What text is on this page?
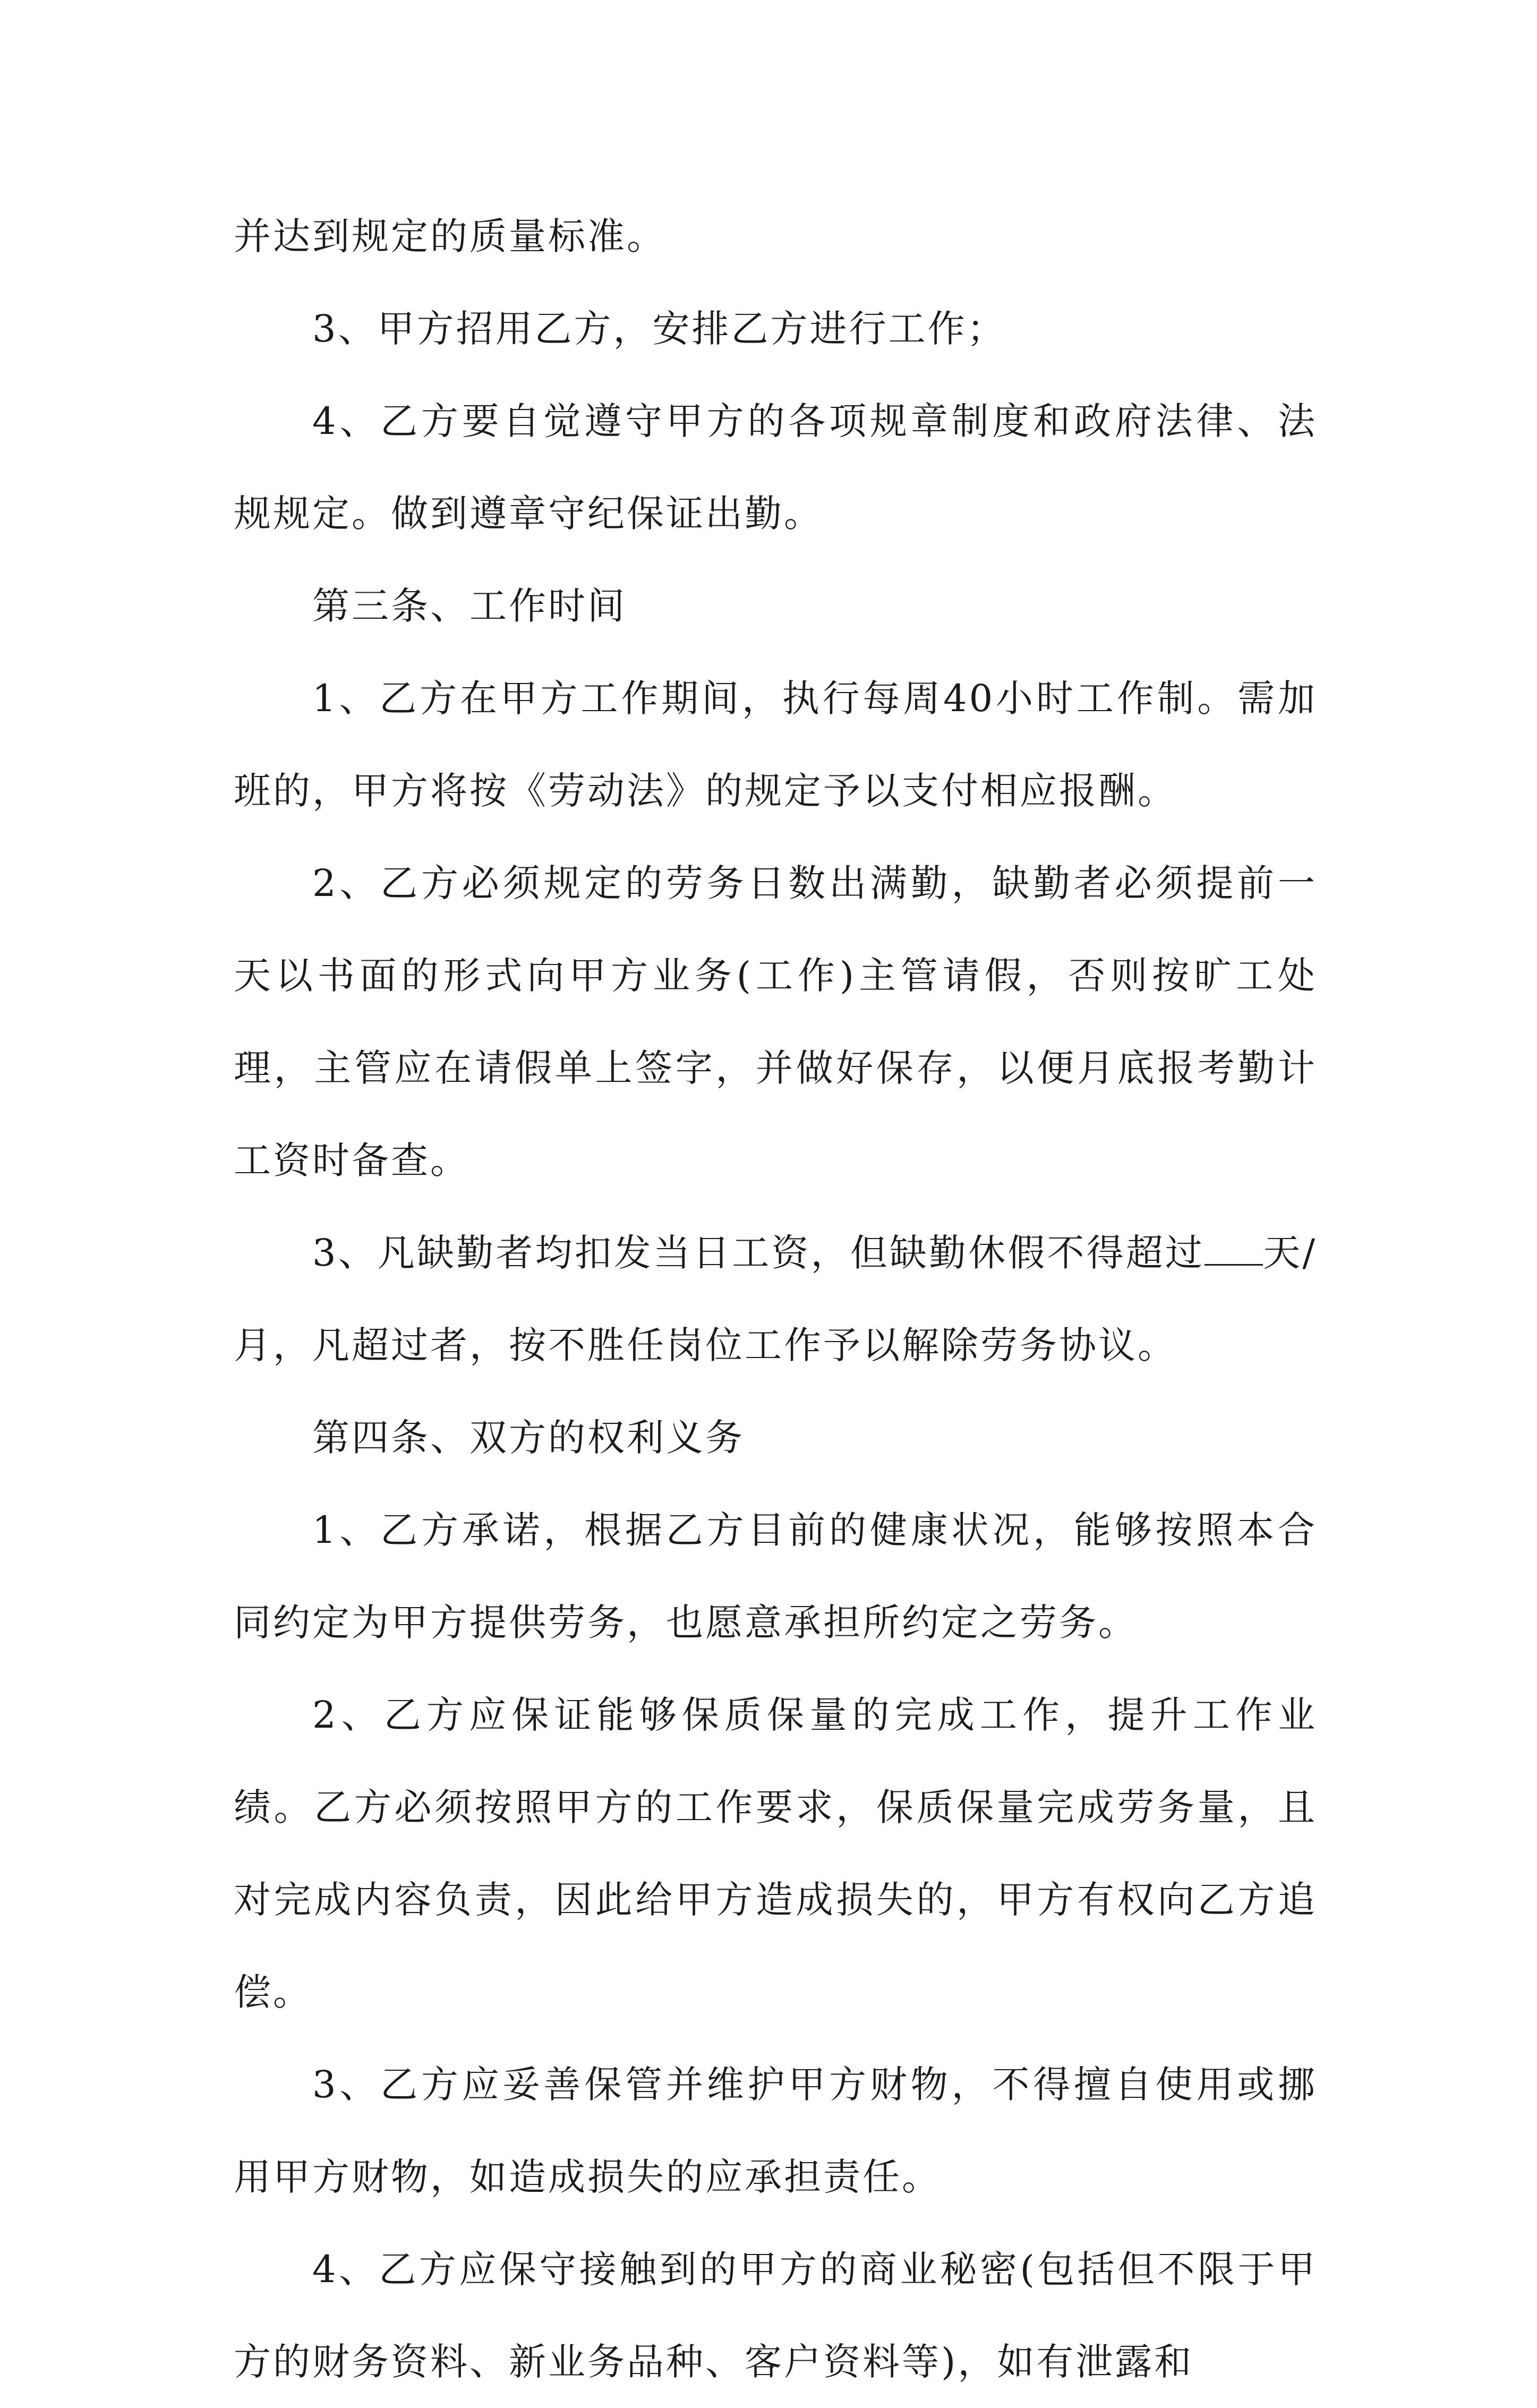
并达到规定的质量标准。

3、甲方招用乙方，安排乙方进行工作；

4、乙方要自觉遵守甲方的各项规章制度和政府法律、法规规定。做到遵章守纪保证出勤。

第三条、工作时间

1、乙方在甲方工作期间，执行每周40小时工作制。需加班的，甲方将按《劳动法》的规定予以支付相应报酬。

2、乙方必须规定的劳务日数出满勤，缺勤者必须提前一天以书面的形式向甲方业务(工作)主管请假，否则按旷工处理，主管应在请假单上签字，并做好保存，以便月底报考勤计工资时备查。

3、凡缺勤者均扣发当日工资，但缺勤休假不得超过 天/月，凡超过者，按不胜任岗位工作予以解除劳务协议。

第四条、双方的权利义务

1、乙方承诺，根据乙方目前的健康状况，能够按照本合同约定为甲方提供劳务，也愿意承担所约定之劳务。

2、乙方应保证能够保质保量的完成工作，提升工作业绩。乙方必须按照甲方的工作要求，保质保量完成劳务量，且对完成内容负责，因此给甲方造成损失的，甲方有权向乙方追偿。

3、乙方应妥善保管并维护甲方财物，不得擅自使用或挪用甲方财物，如造成损失的应承担责任。

4、乙方应保守接触到的甲方的商业秘密(包括但不限于甲方的财务资料、新业务品种、客户资料等)，如有泄露和
